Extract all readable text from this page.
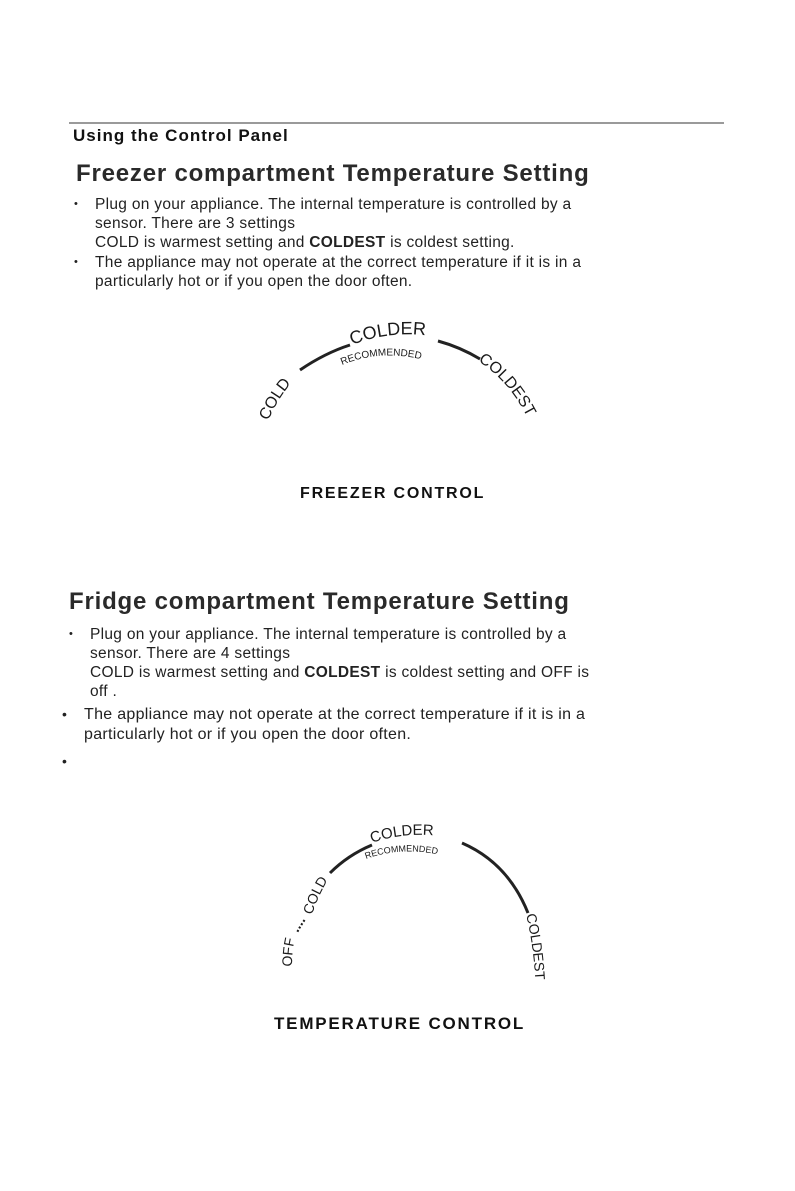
Using the Control Panel
Freezer compartment Temperature Setting
• Plug on your appliance. The internal temperature is controlled by a
sensor. There are 3 settings
COLD is warmest setting and COLDEST is coldest setting.
• The appliance may not operate at the correct temperature if it is in a
particularly hot or if you open the door often.
COLD
COLDER
RECOMMENDED	COLDEST
FREEZER CONTROL
Fridge compartment Temperature Setting
• Plug on your appliance. The internal temperature is controlled by a
sensor. There are 4 settings
COLD is warmest setting and COLDEST is coldest setting and OFF is
off .
• The appliance may not operate at the correct temperature if it is in a
particularly hot or if you open the door often.
•
COLDER
RECOMMENDED
COLD
....
OFF
COLDEST
TEMPERATURE CONTROL
